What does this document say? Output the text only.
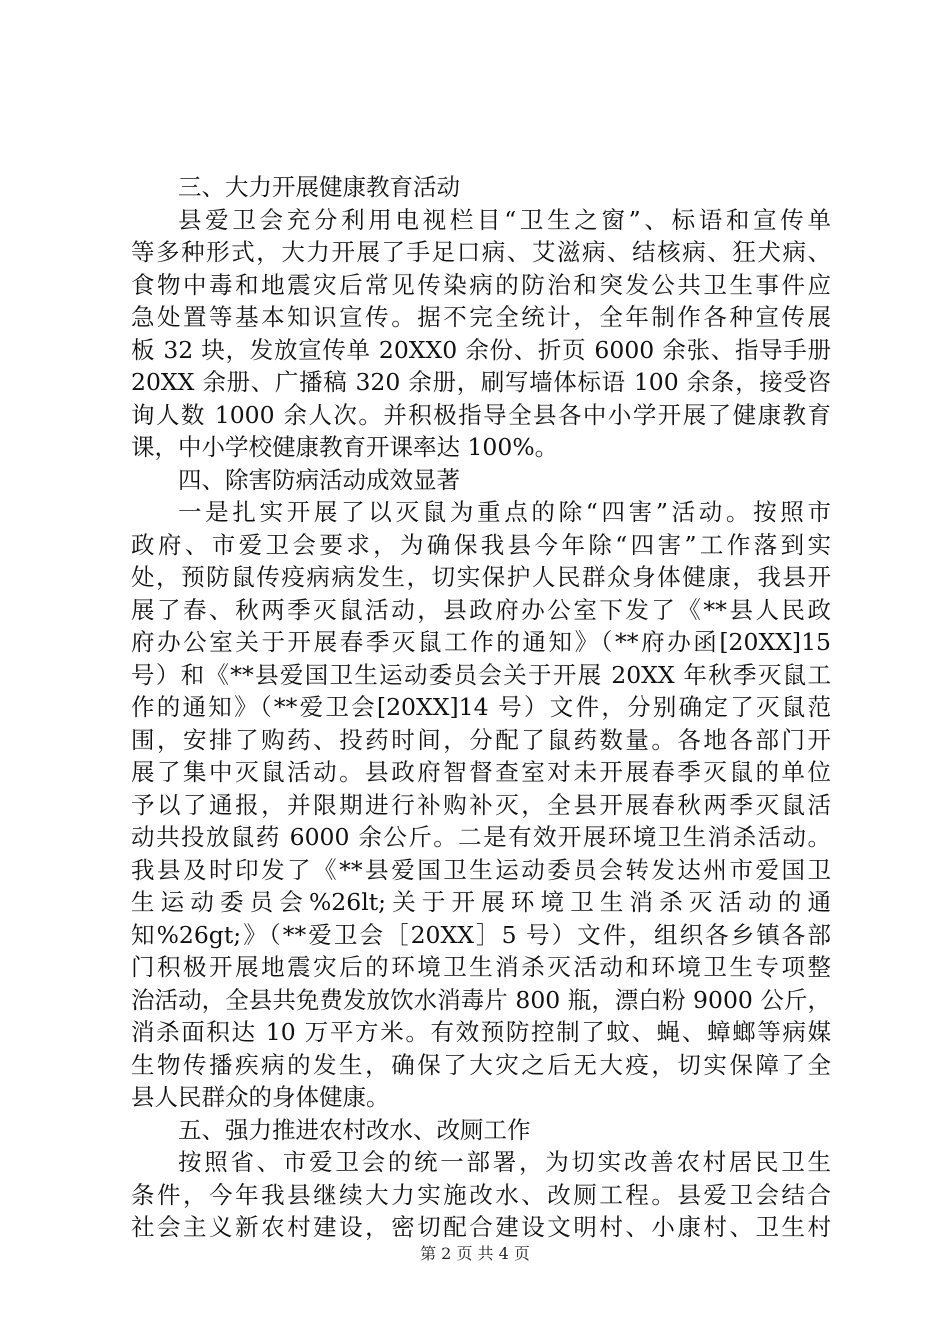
三、大力开展健康教育活动
县爱卫会充分利用电视栏目“卫生之窗”、标语和宣传单
等多种形式，大力开展了手足口病、艾滋病、结核病、狂犬病、
食物中毒和地震灾后常见传染病的防治和突发公共卫生事件应
急处置等基本知识宣传。据不完全统计，全年制作各种宣传展
板 32 块，发放宣传单 20XX0 余份、折页 6000 余张、指导手册
20XX 余册、广播稿 320 余册，刷写墙体标语 100 余条，接受咨
询人数 1000 余人次。并积极指导全县各中小学开展了健康教育
课，中小学校健康教育开课率达 100%。
四、除害防病活动成效显著
一是扎实开展了以灭鼠为重点的除“四害”活动。按照市
政府、市爱卫会要求，为确保我县今年除“四害”工作落到实
处，预防鼠传疫病病发生，切实保护人民群众身体健康，我县开
展了春、秋两季灭鼠活动，县政府办公室下发了《**县人民政
府办公室关于开展春季灭鼠工作的通知》（**府办函[20XX]15
号）和《**县爱国卫生运动委员会关于开展 20XX 年秋季灭鼠工
作的通知》（**爱卫会[20XX]14 号）文件，分别确定了灭鼠范
围，安排了购药、投药时间，分配了鼠药数量。各地各部门开
展了集中灭鼠活动。县政府智督查室对未开展春季灭鼠的单位
予以了通报，并限期进行补购补灭，全县开展春秋两季灭鼠活
动共投放鼠药 6000 余公斤。二是有效开展环境卫生消杀活动。
我县及时印发了《**县爱国卫生运动委员会转发达州市爱国卫
生运动委员会%26lt;关于开展环境卫生消杀灭活动的通
知%26gt;》（**爱卫会［20XX］5 号）文件，组织各乡镇各部
门积极开展地震灾后的环境卫生消杀灭活动和环境卫生专项整
治活动，全县共免费发放饮水消毒片 800 瓶，漂白粉 9000 公斤，
消杀面积达 10 万平方米。有效预防控制了蚊、蝇、蟑螂等病媒
生物传播疾病的发生，确保了大灾之后无大疫，切实保障了全
县人民群众的身体健康。
五、强力推进农村改水、改厕工作
按照省、市爱卫会的统一部署，为切实改善农村居民卫生
条件，今年我县继续大力实施改水、改厕工程。县爱卫会结合
社会主义新农村建设，密切配合建设文明村、小康村、卫生村
第 2 页 共 4 页
